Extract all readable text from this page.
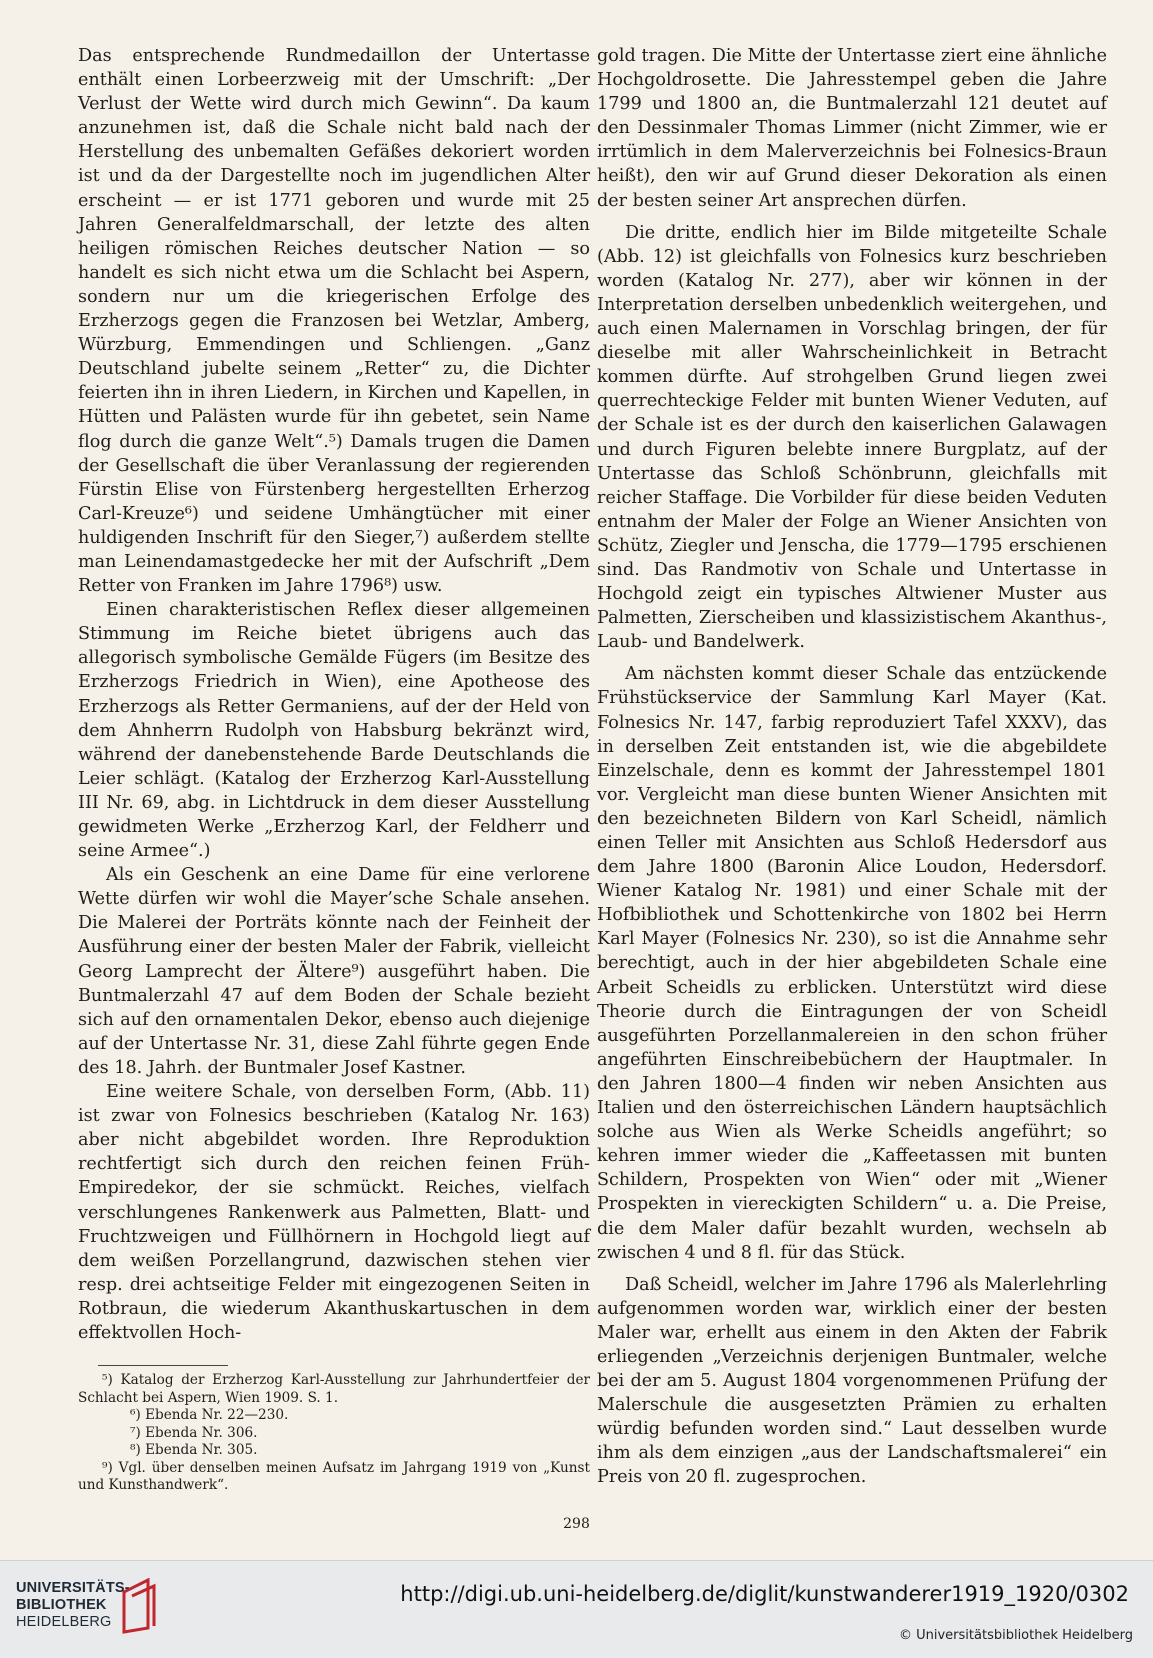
Das entsprechende Rundmedaillon der Untertasse enthält einen Lorbeerzweig mit der Umschrift: „Der Verlust der Wette wird durch mich Gewinn“. Da kaum anzunehmen ist, daß die Schale nicht bald nach der Herstellung des unbemalten Gefäßes dekoriert worden ist und da der Dargestellte noch im jugendlichen Alter erscheint — er ist 1771 geboren und wurde mit 25 Jahren Generalfeldmarschall, der letzte des alten heiligen römischen Reiches deutscher Nation — so handelt es sich nicht etwa um die Schlacht bei Aspern, sondern nur um die kriegerischen Erfolge des Erzherzogs gegen die Franzosen bei Wetzlar, Amberg, Würzburg, Emmendingen und Schliengen. „Ganz Deutschland jubelte seinem „Retter“ zu, die Dichter feierten ihn in ihren Liedern, in Kirchen und Kapellen, in Hütten und Palästen wurde für ihn gebetet, sein Name flog durch die ganze Welt“.⁵) Damals trugen die Damen der Gesellschaft die über Veranlassung der regierenden Fürstin Elise von Fürstenberg hergestellten Erherzog Carl-Kreuze⁶) und seidene Umhängtücher mit einer huldigenden Inschrift für den Sieger,⁷) außerdem stellte man Leinendamastgedecke her mit der Aufschrift „Dem Retter von Franken im Jahre 1796⁸) usw.

Einen charakteristischen Reflex dieser allgemeinen Stimmung im Reiche bietet übrigens auch das allegorisch symbolische Gemälde Fügers (im Besitze des Erzherzogs Friedrich in Wien), eine Apotheose des Erzherzogs als Retter Germaniens, auf der der Held von dem Ahnherrn Rudolph von Habsburg bekränzt wird, während der danebenstehende Barde Deutschlands die Leier schlägt. (Katalog der Erzherzog Karl-Ausstellung III Nr. 69, abg. in Lichtdruck in dem dieser Ausstellung gewidmeten Werke „Erzherzog Karl, der Feldherr und seine Armee“.)

Als ein Geschenk an eine Dame für eine verlorene Wette dürfen wir wohl die Mayer’sche Schale ansehen. Die Malerei der Porträts könnte nach der Feinheit der Ausführung einer der besten Maler der Fabrik, vielleicht Georg Lamprecht der Ältere⁹) ausgeführt haben. Die Buntmalerzahl 47 auf dem Boden der Schale bezieht sich auf den ornamentalen Dekor, ebenso auch diejenige auf der Untertasse Nr. 31, diese Zahl führte gegen Ende des 18. Jahrh. der Buntmaler Josef Kastner.

Eine weitere Schale, von derselben Form, (Abb. 11) ist zwar von Folnesics beschrieben (Katalog Nr. 163) aber nicht abgebildet worden. Ihre Reproduktion rechtfertigt sich durch den reichen feinen Früh-Empiredekor, der sie schmückt. Reiches, vielfach verschlungenes Rankenwerk aus Palmetten, Blatt- und Fruchtzweigen und Füllhörnern in Hochgold liegt auf dem weißen Porzellangrund, dazwischen stehen vier resp. drei achtseitige Felder mit eingezogenen Seiten in Rotbraun, die wiederum Akanthuskartuschen in dem effektvollen Hoch-

⁵) Katalog der Erzherzog Karl-Ausstellung zur Jahrhundertfeier der Schlacht bei Aspern, Wien 1909. S. 1.

⁶) Ebenda Nr. 22—230.

⁷) Ebenda Nr. 306.

⁸) Ebenda Nr. 305.

⁹) Vgl. über denselben meinen Aufsatz im Jahrgang 1919 von „Kunst und Kunsthandwerk“.

gold tragen. Die Mitte der Untertasse ziert eine ähnliche Hochgoldrosette. Die Jahresstempel geben die Jahre 1799 und 1800 an, die Buntmalerzahl 121 deutet auf den Dessinmaler Thomas Limmer (nicht Zimmer, wie er irrtümlich in dem Malerverzeichnis bei Folnesics-Braun heißt), den wir auf Grund dieser Dekoration als einen der besten seiner Art ansprechen dürfen.

Die dritte, endlich hier im Bilde mitgeteilte Schale (Abb. 12) ist gleichfalls von Folnesics kurz beschrieben worden (Katalog Nr. 277), aber wir können in der Interpretation derselben unbedenklich weitergehen, und auch einen Malernamen in Vorschlag bringen, der für dieselbe mit aller Wahrscheinlichkeit in Betracht kommen dürfte. Auf strohgelben Grund liegen zwei querrechteckige Felder mit bunten Wiener Veduten, auf der Schale ist es der durch den kaiserlichen Galawagen und durch Figuren belebte innere Burgplatz, auf der Untertasse das Schloß Schönbrunn, gleichfalls mit reicher Staffage. Die Vorbilder für diese beiden Veduten entnahm der Maler der Folge an Wiener Ansichten von Schütz, Ziegler und Jenscha, die 1779—1795 erschienen sind. Das Randmotiv von Schale und Untertasse in Hochgold zeigt ein typisches Altwiener Muster aus Palmetten, Zierscheiben und klassizistischem Akanthus-, Laub- und Bandelwerk.

Am nächsten kommt dieser Schale das entzückende Frühstückservice der Sammlung Karl Mayer (Kat. Folnesics Nr. 147, farbig reproduziert Tafel XXXV), das in derselben Zeit entstanden ist, wie die abgebildete Einzelschale, denn es kommt der Jahresstempel 1801 vor. Vergleicht man diese bunten Wiener Ansichten mit den bezeichneten Bildern von Karl Scheidl, nämlich einen Teller mit Ansichten aus Schloß Hedersdorf aus dem Jahre 1800 (Baronin Alice Loudon, Hedersdorf. Wiener Katalog Nr. 1981) und einer Schale mit der Hofbibliothek und Schottenkirche von 1802 bei Herrn Karl Mayer (Folnesics Nr. 230), so ist die Annahme sehr berechtigt, auch in der hier abgebildeten Schale eine Arbeit Scheidls zu erblicken. Unterstützt wird diese Theorie durch die Eintragungen der von Scheidl ausgeführten Porzellanmalereien in den schon früher angeführten Einschreibebüchern der Hauptmaler. In den Jahren 1800—4 finden wir neben Ansichten aus Italien und den österreichischen Ländern hauptsächlich solche aus Wien als Werke Scheidls angeführt; so kehren immer wieder die „Kaffeetassen mit bunten Schildern, Prospekten von Wien“ oder mit „Wiener Prospekten in viereckigten Schildern“ u. a. Die Preise, die dem Maler dafür bezahlt wurden, wechseln ab zwischen 4 und 8 fl. für das Stück.

Daß Scheidl, welcher im Jahre 1796 als Malerlehrling aufgenommen worden war, wirklich einer der besten Maler war, erhellt aus einem in den Akten der Fabrik erliegenden „Verzeichnis derjenigen Buntmaler, welche bei der am 5. August 1804 vorgenommenen Prüfung der Malerschule die ausgesetzten Prämien zu erhalten würdig befunden worden sind.“ Laut desselben wurde ihm als dem einzigen „aus der Landschaftsmalerei“ ein Preis von 20 fl. zugesprochen.

298
UNIVERSITÄTS-
BIBLIOTHEK
HEIDELBERG
http://digi.ub.uni-heidelberg.de/diglit/kunstwanderer1919_1920/0302
© Universitätsbibliothek Heidelberg
